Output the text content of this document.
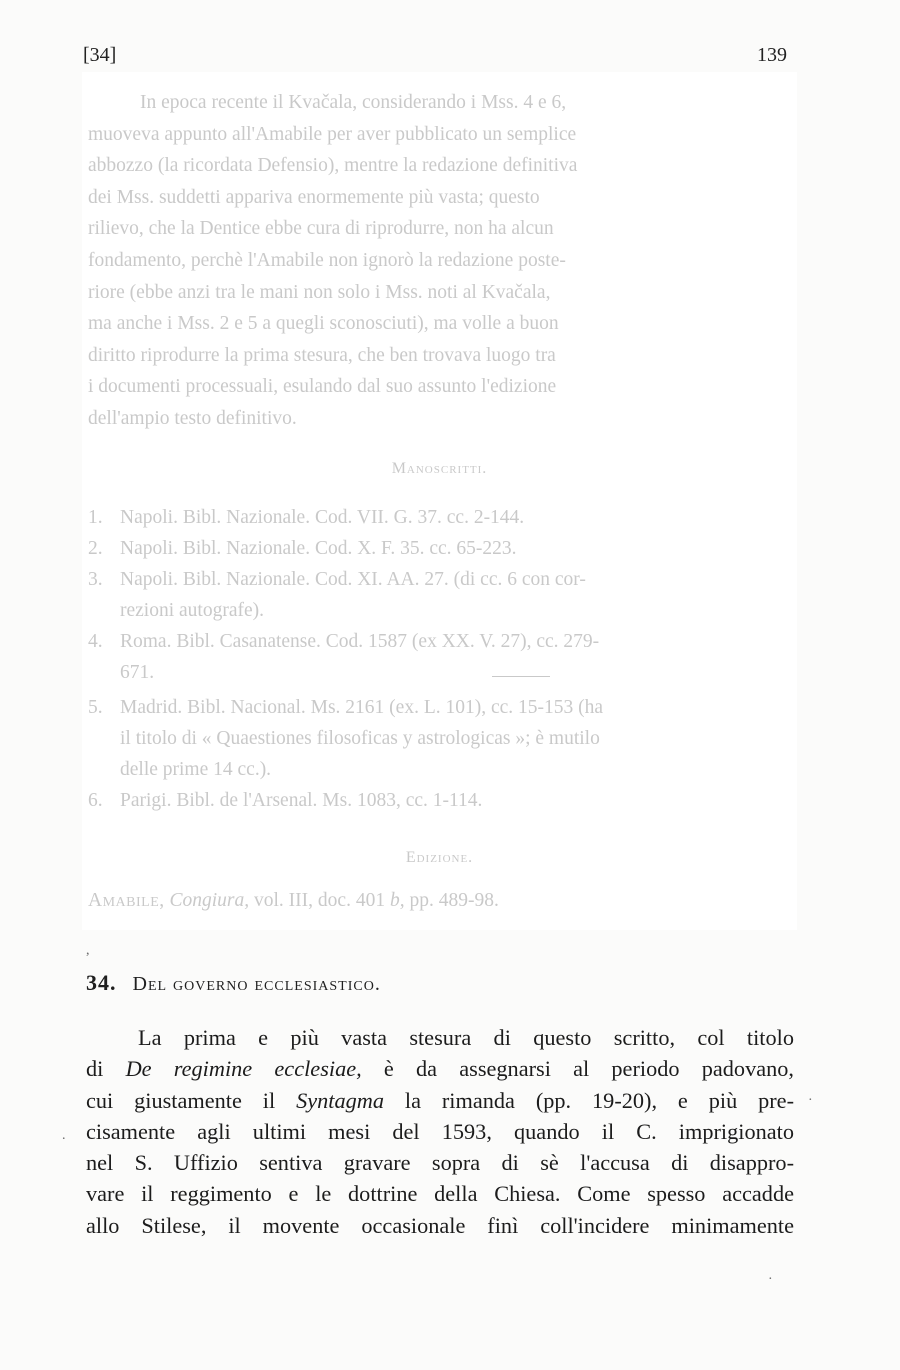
[34]	139
In epoca recente il Kvačala, considerando i Mss. 4 e 6,
muoveva appunto all'Amabile per aver pubblicato un semplice
abbozzo (la ricordata Defensio), mentre la redazione definitiva
dei Mss. suddetti appariva enormemente più vasta; questo
rilievo, che la Dentice ebbe cura di riprodurre, non ha alcun
fondamento, perchè l'Amabile non ignorò la redazione poste-
riore (ebbe anzi tra le mani non solo i Mss. noti al Kvačala,
ma anche i Mss. 2 e 5 a quegli sconosciuti), ma volle a buon
diritto riprodurre la prima stesura, che ben trovava luogo tra
i documenti processuali, esulando dal suo assunto l'edizione
dell'ampio testo definitivo.
Manoscritti.
1. Napoli. Bibl. Nazionale. Cod. VII. G. 37. cc. 2-144.
2. Napoli. Bibl. Nazionale. Cod. X. F. 35. cc. 65-223.
3. Napoli. Bibl. Nazionale. Cod. XI. AA. 27. (di cc. 6 con cor-
rezioni autografe).
4. Roma. Bibl. Casanatense. Cod. 1587 (ex XX. V. 27), cc. 279-
671.
5. Madrid. Bibl. Nacional. Ms. 2161 (ex. L. 101), cc. 15-153 (ha
il titolo di « Quaestiones filosoficas y astrologicas »; è mutilo
delle prime 14 cc.).
6. Parigi. Bibl. de l'Arsenal. Ms. 1083, cc. 1-114.
Edizione.
Amabile, Congiura, vol. III, doc. 401 b, pp. 489-98.
34. Del governo ecclesiastico.
La prima e più vasta stesura di questo scritto, col titolo
di De regimine ecclesiae, è da assegnarsi al periodo padovano,
cui giustamente il Syntagma la rimanda (pp. 19-20), e più pre-
cisamente agli ultimi mesi del 1593, quando il C. imprigionato
nel S. Uffizio sentiva gravare sopra di sè l'accusa di disappro-
vare il reggimento e le dottrine della Chiesa. Come spesso accadde
allo Stilese, il movente occasionale finì coll'incidere minimamente
,
.
·
·
